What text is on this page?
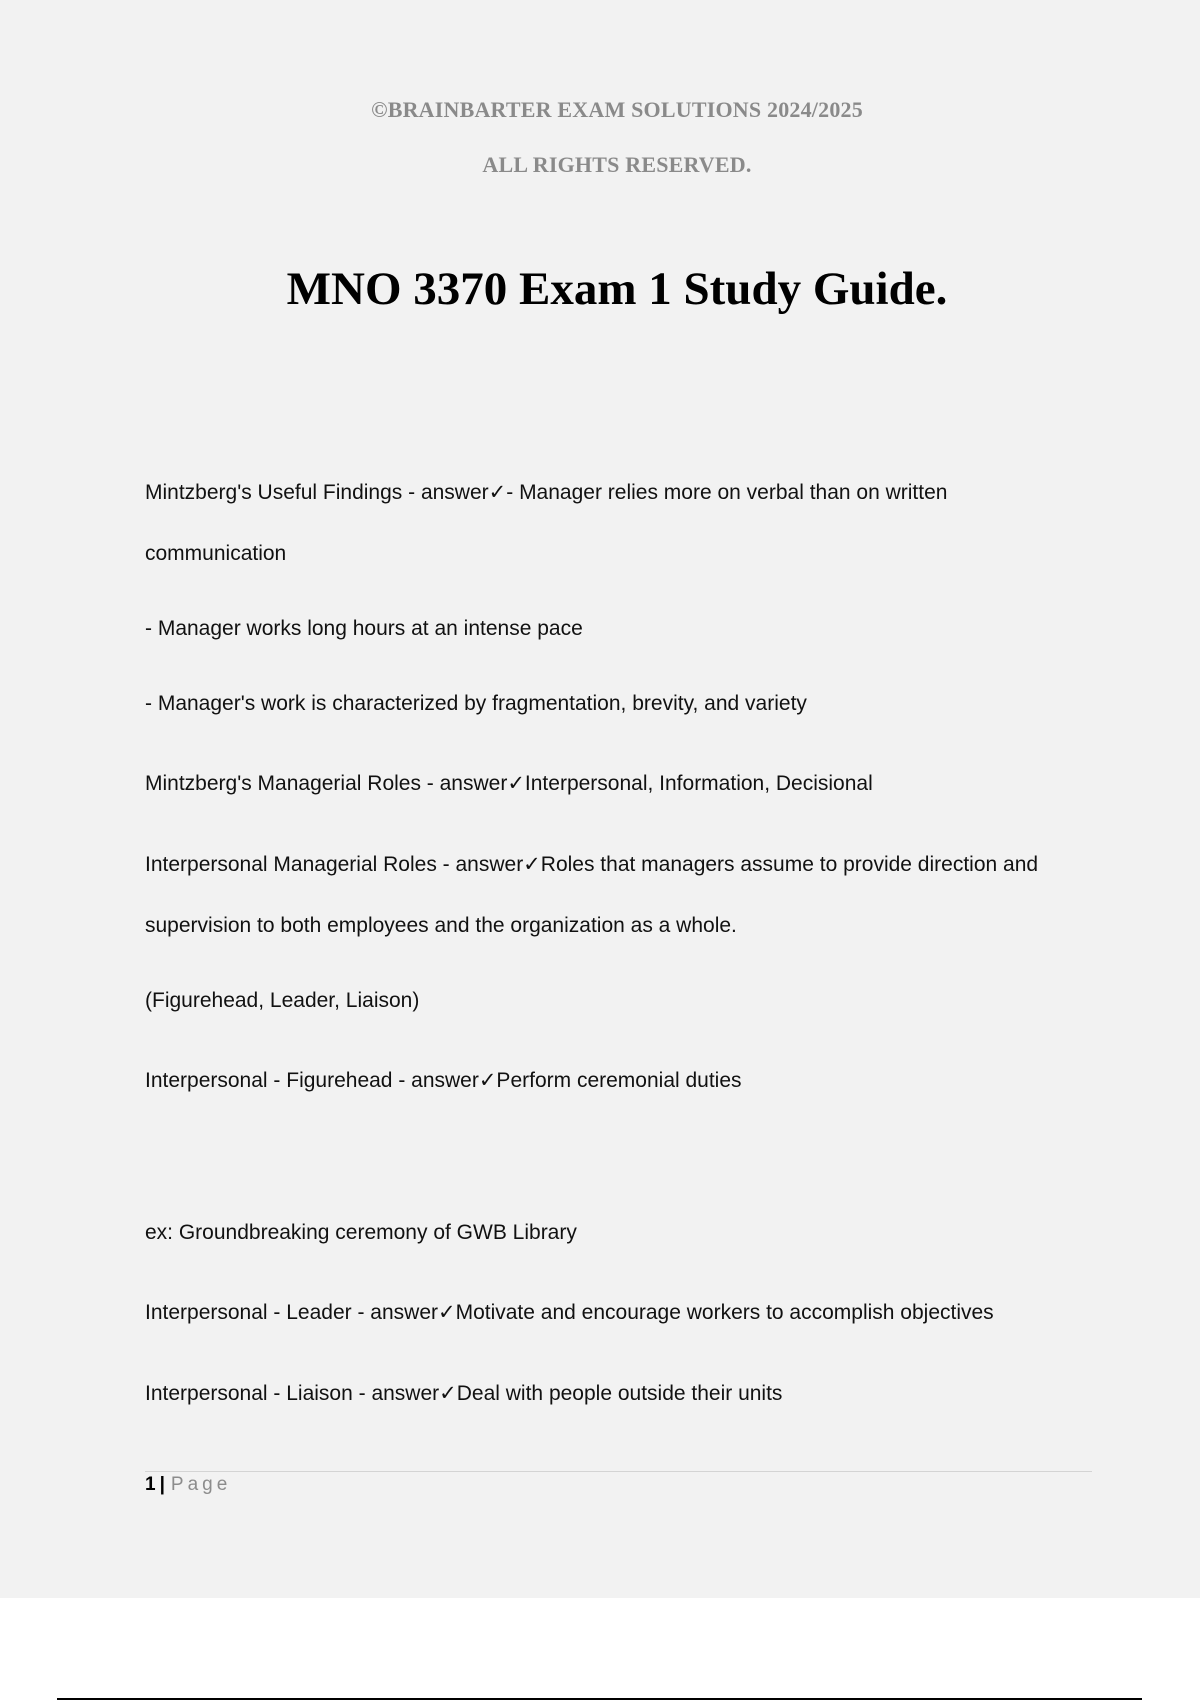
©BRAINBARTER EXAM SOLUTIONS 2024/2025
ALL RIGHTS RESERVED.
MNO 3370 Exam 1 Study Guide.
Mintzberg's Useful Findings - answer✓- Manager relies more on verbal than on written
communication
- Manager works long hours at an intense pace
- Manager's work is characterized by fragmentation, brevity, and variety
Mintzberg's Managerial Roles - answer✓Interpersonal, Information, Decisional
Interpersonal Managerial Roles - answer✓Roles that managers assume to provide direction and
supervision to both employees and the organization as a whole.
(Figurehead, Leader, Liaison)
Interpersonal - Figurehead - answer✓Perform ceremonial duties
ex: Groundbreaking ceremony of GWB Library
Interpersonal - Leader - answer✓Motivate and encourage workers to accomplish objectives
Interpersonal - Liaison - answer✓Deal with people outside their units
1 | Page
